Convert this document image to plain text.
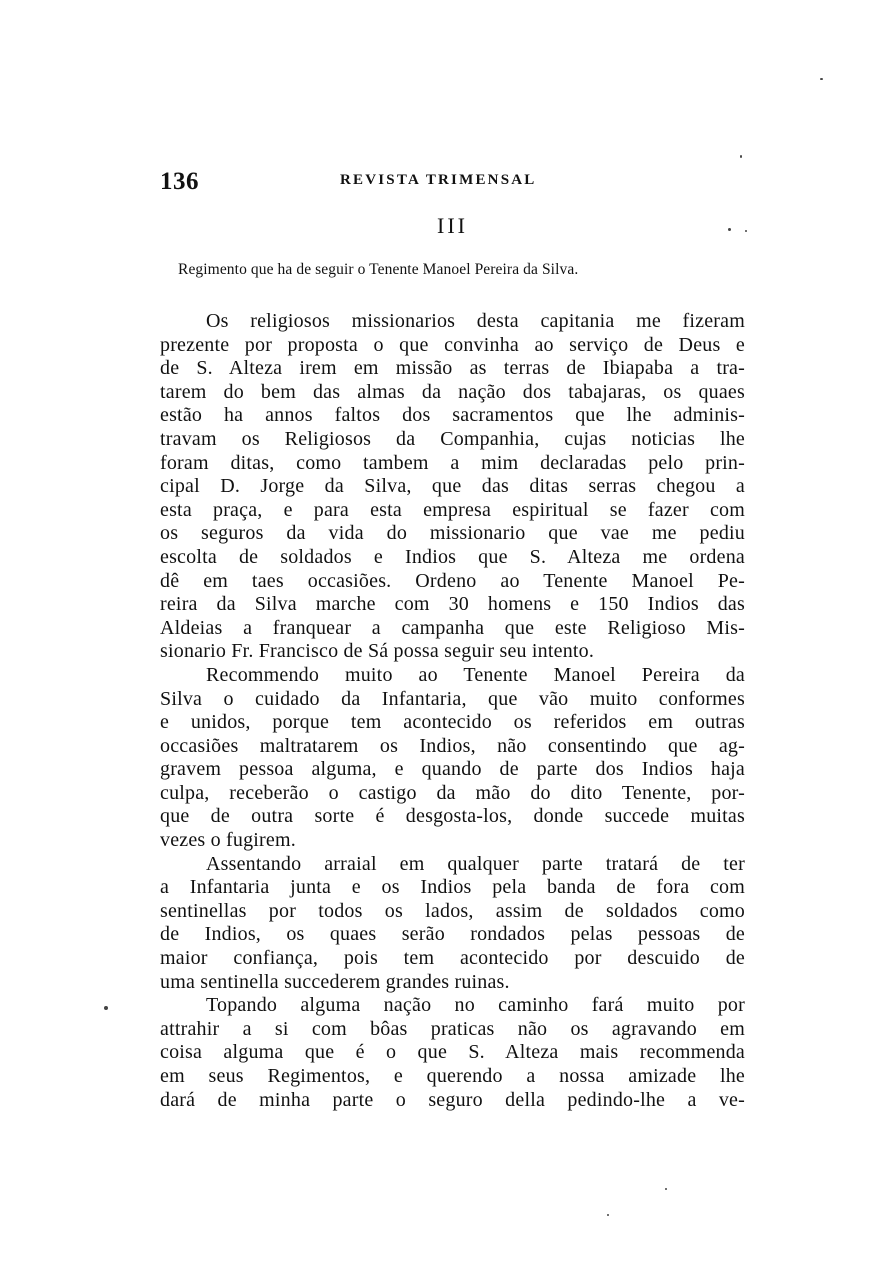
136	REVISTA TRIMENSAL
III
Regimento que ha de seguir o Tenente Manoel Pereira da Silva.
Os religiosos missionarios desta capitania me fizeram
prezente por proposta o que convinha ao serviço de Deus e
de S. Alteza irem em missão as terras de Ibiapaba a tra-
tarem do bem das almas da nação dos tabajaras, os quaes
estão ha annos faltos dos sacramentos que lhe adminis-
travam os Religiosos da Companhia, cujas noticias lhe
foram ditas, como tambem a mim declaradas pelo prin-
cipal D. Jorge da Silva, que das ditas serras chegou a
esta praça, e para esta empresa espiritual se fazer com
os seguros da vida do missionario que vae me pediu
escolta de soldados e Indios que S. Alteza me ordena
dê em taes occasiões. Ordeno ao Tenente Manoel Pe-
reira da Silva marche com 30 homens e 150 Indios das
Aldeias a franquear a campanha que este Religioso Mis-
sionario Fr. Francisco de Sá possa seguir seu intento.
Recommendo muito ao Tenente Manoel Pereira da
Silva o cuidado da Infantaria, que vão muito conformes
e unidos, porque tem acontecido os referidos em outras
occasiões maltratarem os Indios, não consentindo que ag-
gravem pessoa alguma, e quando de parte dos Indios haja
culpa, receberão o castigo da mão do dito Tenente, por-
que de outra sorte é desgosta-los, donde succede muitas
vezes o fugirem.
Assentando arraial em qualquer parte tratará de ter
a Infantaria junta e os Indios pela banda de fora com
sentinellas por todos os lados, assim de soldados como
de Indios, os quaes serão rondados pelas pessoas de
maior confiança, pois tem acontecido por descuido de
uma sentinella succederem grandes ruinas.
Topando alguma nação no caminho fará muito por
attrahir a si com bôas praticas não os agravando em
coisa alguma que é o que S. Alteza mais recommenda
em seus Regimentos, e querendo a nossa amizade lhe
dará de minha parte o seguro della pedindo-lhe a ve-
